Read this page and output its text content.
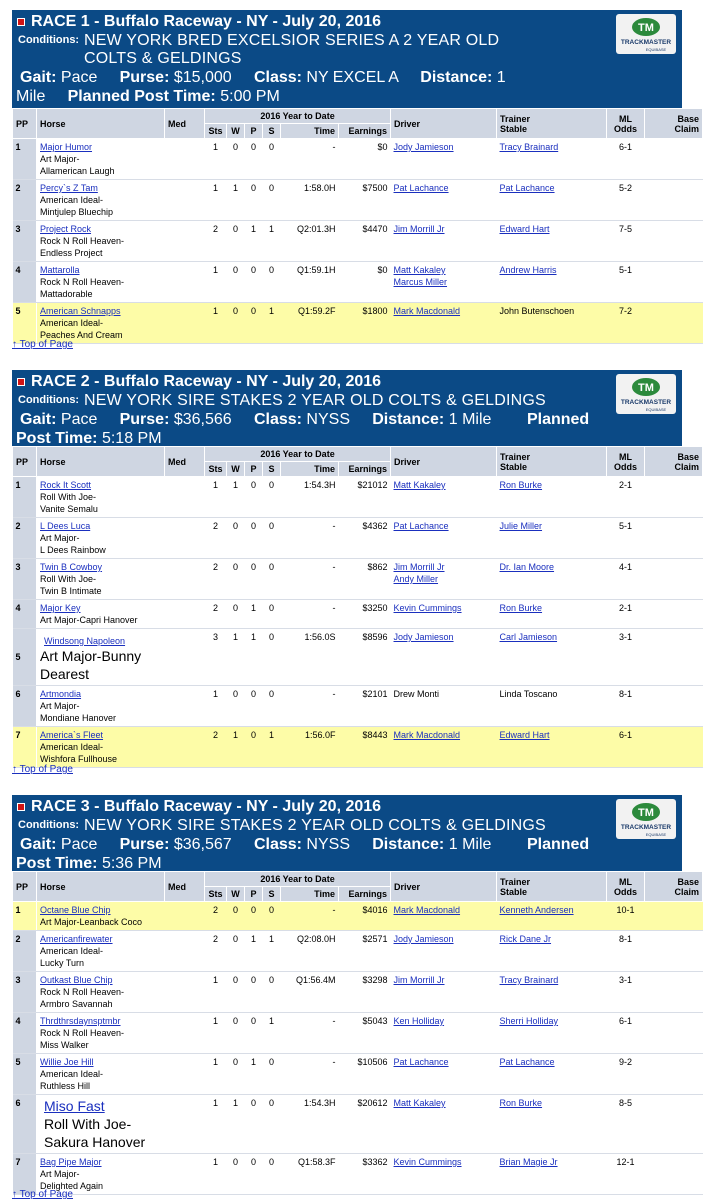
RACE 1 - Buffalo Raceway - NY - July 20, 2016
Conditions: NEW YORK BRED EXCELSIOR SERIES A 2 YEAR OLD COLTS & GELDINGS
Gait: Pace Purse: $15,000 Class: NY EXCEL A Distance: 1
Mile Planned Post Time: 5:00 PM
TM
TRACKMASTER
EQUIBASE
PP	Horse	Med	2016 Year to Date						Driver	Trainer
Stable	ML
Odds	Base
Claim
			Sts	W	P	S	Time	Earnings				
1	Major Humor
Art Major-
Allamerican Laugh		1	0	0	0	-	$0	Jody Jamieson	Tracy Brainard	6-1	
2	Percy`s Z Tam
American Ideal-
Mintjulep Bluechip		1	1	0	0	1:58.0H	$7500	Pat Lachance	Pat Lachance	5-2	
3	Project Rock
Rock N Roll Heaven-
Endless Project		2	0	1	1	Q2:01.3H	$4470	Jim Morrill Jr	Edward Hart	7-5	
4	Mattarolla
Rock N Roll Heaven-
Mattadorable		1	0	0	0	Q1:59.1H	$0	Matt Kakaley
Marcus Miller	Andrew Harris	5-1	
5	American Schnapps
American Ideal-
Peaches And Cream		1	0	0	1	Q1:59.2F	$1800	Mark Macdonald	John Butenschoen	7-2	
↑ Top of Page
RACE 2 - Buffalo Raceway - NY - July 20, 2016
Conditions: NEW YORK SIRE STAKES 2 YEAR OLD COLTS & GELDINGS
Gait: Pace Purse: $36,566 Class: NYSS Distance: 1 Mile Planned
Post Time: 5:18 PM
TM
TRACKMASTER
EQUIBASE
PP	Horse	Med	2016 Year to Date						Driver	Trainer
Stable	ML
Odds	Base
Claim
			Sts	W	P	S	Time	Earnings				
1	Rock It Scott
Roll With Joe-
Vanite Semalu		1	1	0	0	1:54.3H	$21012	Matt Kakaley	Ron Burke	2-1	
2	L Dees Luca
Art Major-
L Dees Rainbow		2	0	0	0	-	$4362	Pat Lachance	Julie Miller	5-1	
3	Twin B Cowboy
Roll With Joe-
Twin B Intimate		2	0	0	0	-	$862	Jim Morrill Jr
Andy Miller	Dr. Ian Moore	4-1	
4	Major Key
Art Major-Capri Hanover		2	0	1	0	-	$3250	Kevin Cummings	Ron Burke	2-1	
5	Windsong Napoleon
Art Major-Bunny
Dearest		3	1	1	0	1:56.0S	$8596	Jody Jamieson	Carl Jamieson	3-1	
6	Artmondia
Art Major-
Mondiane Hanover		1	0	0	0	-	$2101	Drew Monti	Linda Toscano	8-1	
7	America`s Fleet
American Ideal-
Wishfora Fullhouse		2	1	0	1	1:56.0F	$8443	Mark Macdonald	Edward Hart	6-1	
↑ Top of Page
RACE 3 - Buffalo Raceway - NY - July 20, 2016
Conditions: NEW YORK SIRE STAKES 2 YEAR OLD COLTS & GELDINGS
Gait: Pace Purse: $36,567 Class: NYSS Distance: 1 Mile Planned
Post Time: 5:36 PM
TM
TRACKMASTER
EQUIBASE
PP	Horse	Med	2016 Year to Date						Driver	Trainer
Stable	ML
Odds	Base
Claim
			Sts	W	P	S	Time	Earnings				
1	Octane Blue Chip
Art Major-Leanback Coco		2	0	0	0	-	$4016	Mark Macdonald	Kenneth Andersen	10-1	
2	Americanfirewater
American Ideal-
Lucky Turn		2	0	1	1	Q2:08.0H	$2571	Jody Jamieson	Rick Dane Jr	8-1	
3	Outkast Blue Chip
Rock N Roll Heaven-
Armbro Savannah		1	0	0	0	Q1:56.4M	$3298	Jim Morrill Jr	Tracy Brainard	3-1	
4	Thrdthrsdaynsptmbr
Rock N Roll Heaven-
Miss Walker		1	0	0	1	-	$5043	Ken Holliday	Sherri Holliday	6-1	
5	Willie Joe Hill
American Ideal-
Ruthless Hill		1	0	1	0	-	$10506	Pat Lachance	Pat Lachance	9-2	
6	Miso Fast
Roll With Joe-
Sakura Hanover		1	1	0	0	1:54.3H	$20612	Matt Kakaley	Ron Burke	8-5	
7	Bag Pipe Major
Art Major-
Delighted Again		1	0	0	0	Q1:58.3F	$3362	Kevin Cummings	Brian Magie Jr	12-1	
↑ Top of Page
